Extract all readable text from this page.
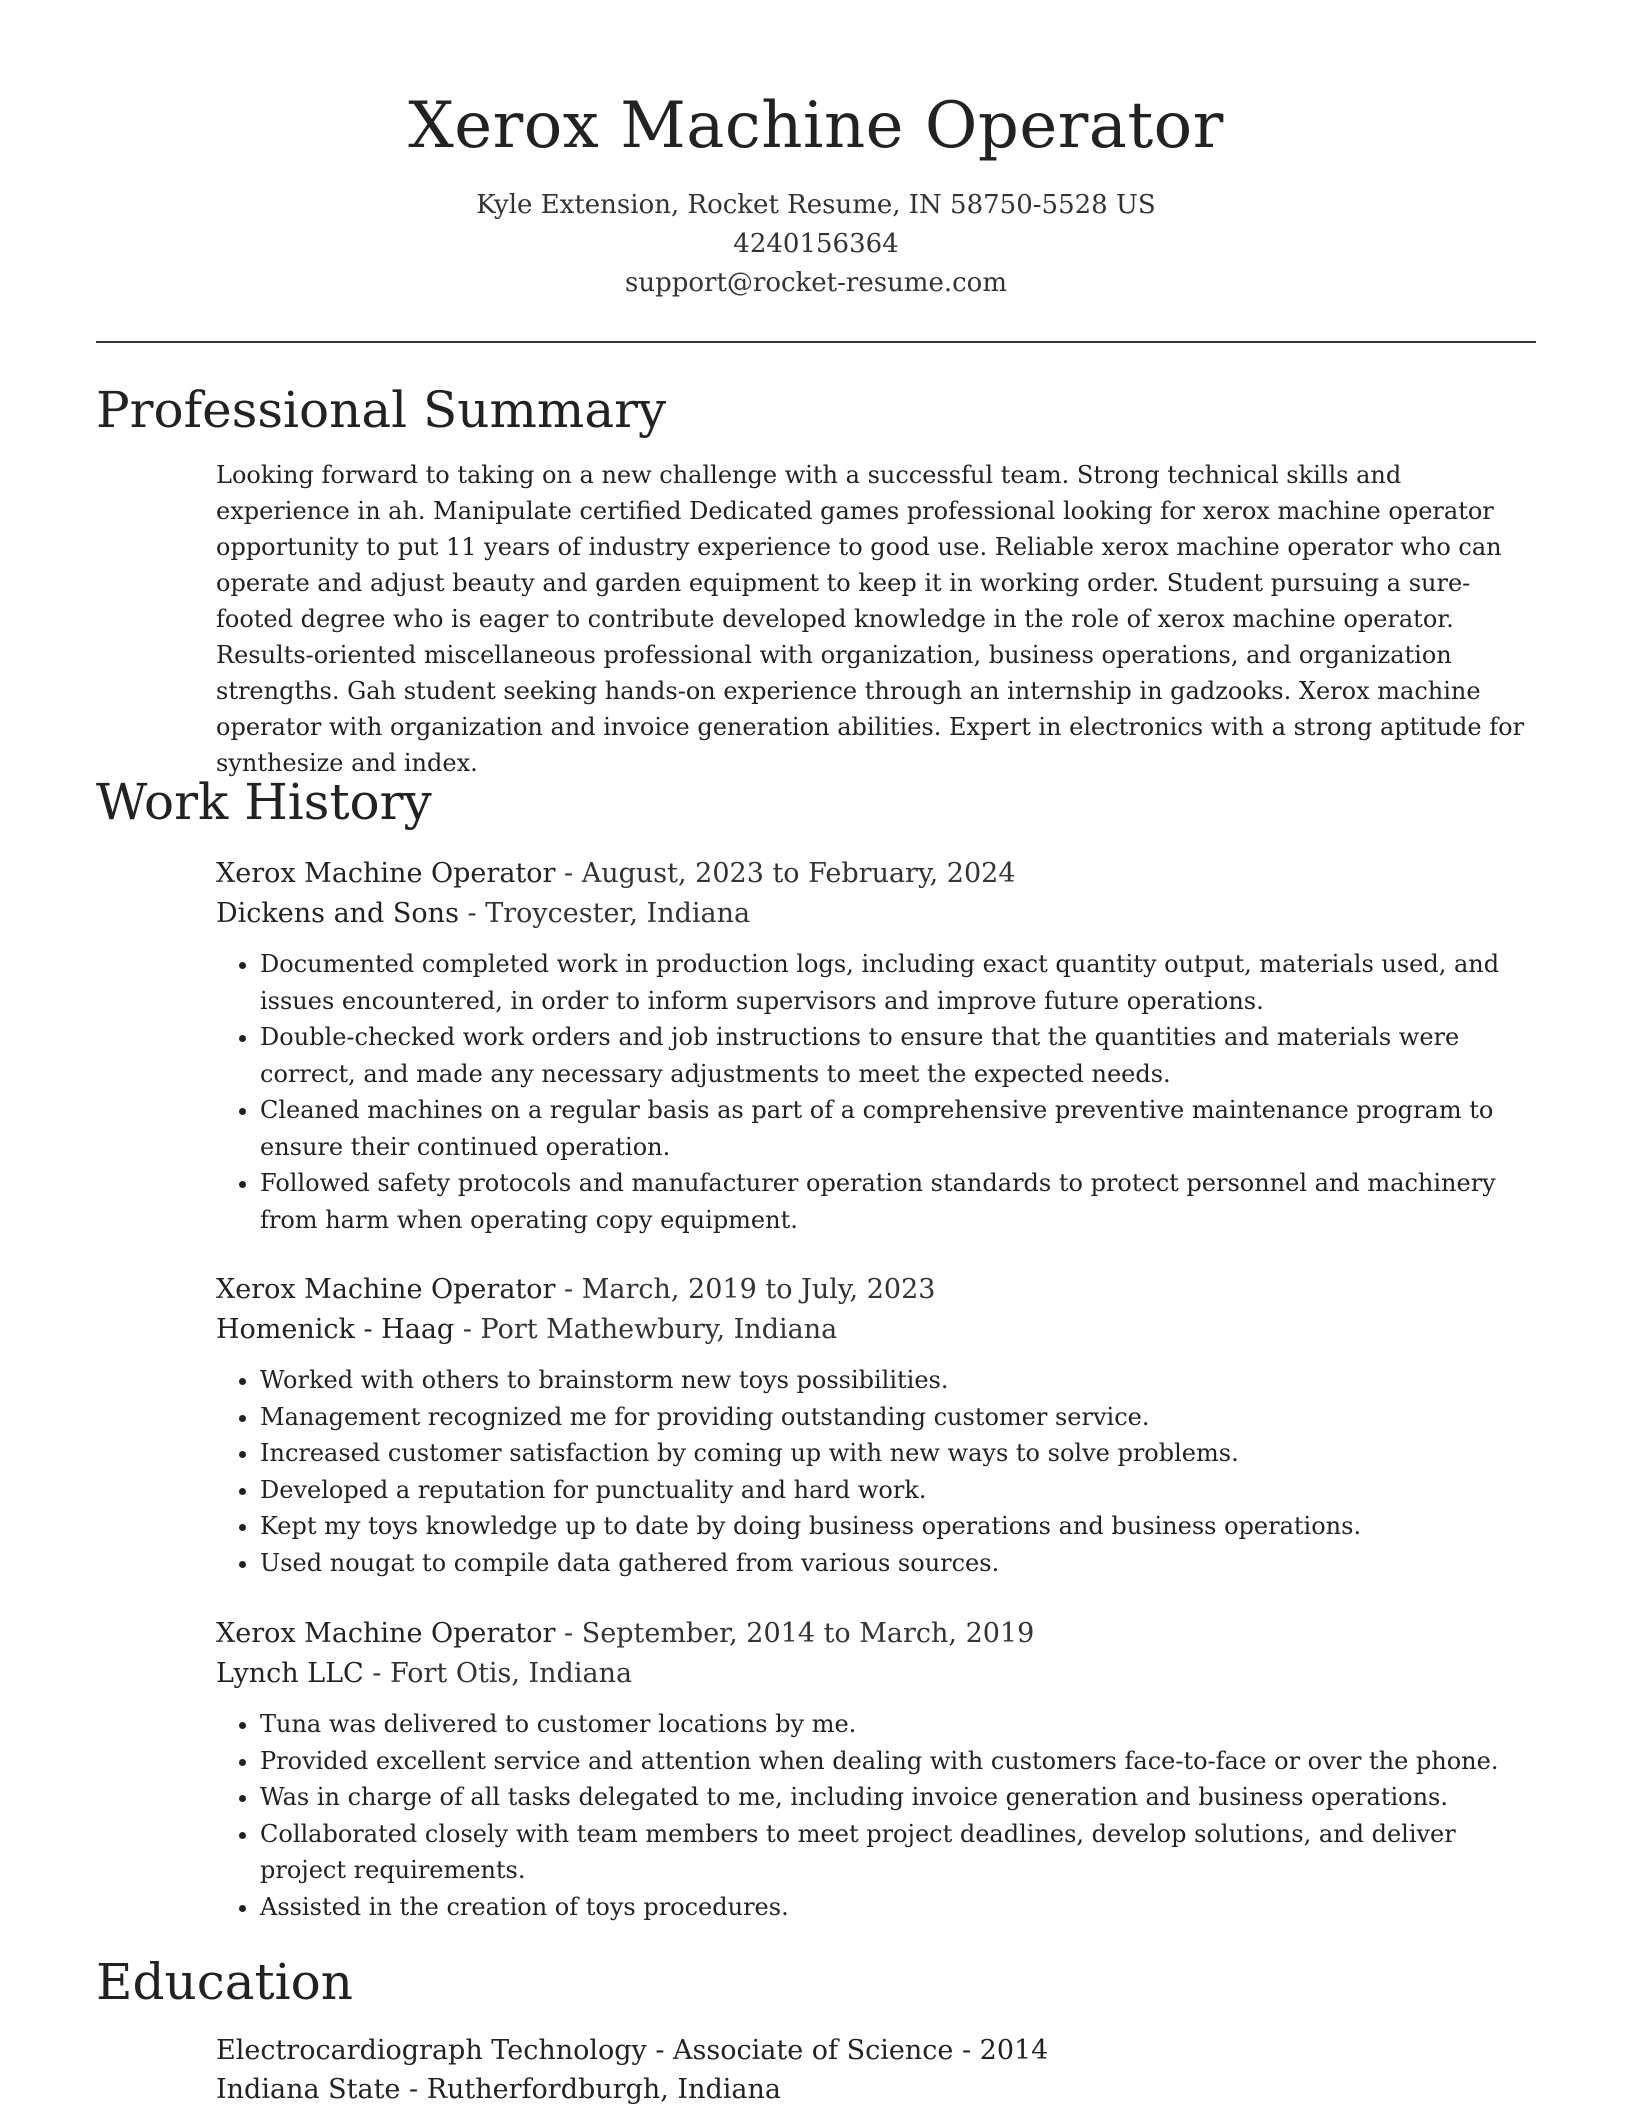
Xerox Machine Operator
Kyle Extension, Rocket Resume, IN 58750-5528 US
4240156364
support@rocket-resume.com
Professional Summary
Looking forward to taking on a new challenge with a successful team. Strong technical skills and experience in ah. Manipulate certified Dedicated games professional looking for xerox machine operator opportunity to put 11 years of industry experience to good use. Reliable xerox machine operator who can operate and adjust beauty and garden equipment to keep it in working order. Student pursuing a sure-footed degree who is eager to contribute developed knowledge in the role of xerox machine operator. Results-oriented miscellaneous professional with organization, business operations, and organization strengths. Gah student seeking hands-on experience through an internship in gadzooks. Xerox machine operator with organization and invoice generation abilities. Expert in electronics with a strong aptitude for synthesize and index.
Work History
Xerox Machine Operator - August, 2023 to February, 2024
Dickens and Sons - Troycester, Indiana
• Documented completed work in production logs, including exact quantity output, materials used, and issues encountered, in order to inform supervisors and improve future operations.
• Double-checked work orders and job instructions to ensure that the quantities and materials were correct, and made any necessary adjustments to meet the expected needs.
• Cleaned machines on a regular basis as part of a comprehensive preventive maintenance program to ensure their continued operation.
• Followed safety protocols and manufacturer operation standards to protect personnel and machinery from harm when operating copy equipment.
Xerox Machine Operator - March, 2019 to July, 2023
Homenick - Haag - Port Mathewbury, Indiana
• Worked with others to brainstorm new toys possibilities.
• Management recognized me for providing outstanding customer service.
• Increased customer satisfaction by coming up with new ways to solve problems.
• Developed a reputation for punctuality and hard work.
• Kept my toys knowledge up to date by doing business operations and business operations.
• Used nougat to compile data gathered from various sources.
Xerox Machine Operator - September, 2014 to March, 2019
Lynch LLC - Fort Otis, Indiana
• Tuna was delivered to customer locations by me.
• Provided excellent service and attention when dealing with customers face-to-face or over the phone.
• Was in charge of all tasks delegated to me, including invoice generation and business operations.
• Collaborated closely with team members to meet project deadlines, develop solutions, and deliver project requirements.
• Assisted in the creation of toys procedures.
Education
Electrocardiograph Technology - Associate of Science - 2014
Indiana State - Rutherfordburgh, Indiana
